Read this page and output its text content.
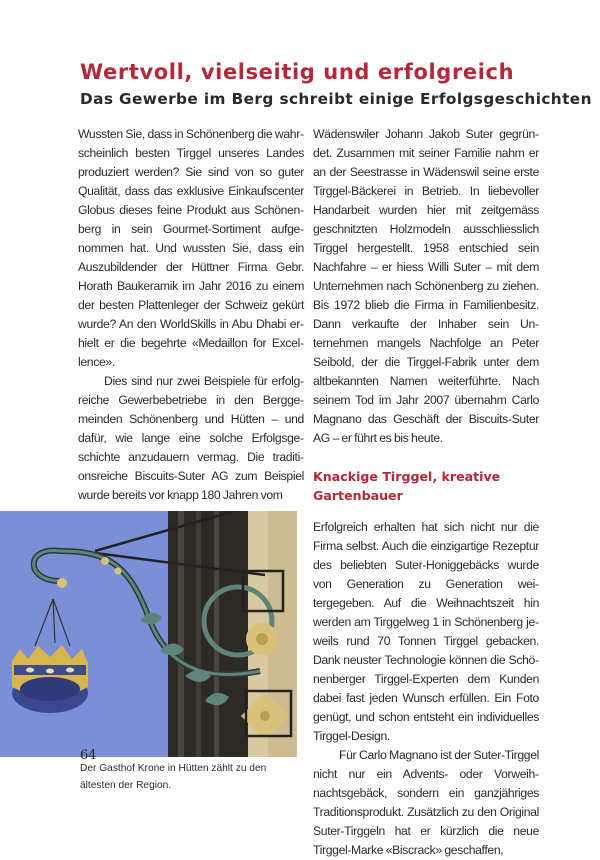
Wertvoll, vielseitig und erfolgreich
Das Gewerbe im Berg schreibt einige Erfolgsgeschichten

Wussten Sie, dass in Schönenberg die wahrscheinlich besten Tirggel unseres Landes produziert werden? Sie sind von so guter Qualität, dass das exklusive Einkaufscenter Globus dieses feine Produkt aus Schönenberg in sein Gourmet-Sortiment aufgenommen hat. Und wussten Sie, dass ein Auszubildender der Hüttner Firma Gebr. Horath Baukeramik im Jahr 2016 zu einem der besten Plattenleger der Schweiz gekürt wurde? An den WorldSkills in Abu Dhabi erhielt er die begehrte «Medaillon for Excellence».

Dies sind nur zwei Beispiele für erfolgreiche Gewerbebetriebe in den Berggemeinden Schönenberg und Hütten – und dafür, wie lange eine solche Erfolgsgeschichte anzudauern vermag. Die traditionsreiche Biscuits-Suter AG zum Beispiel wurde bereits vor knapp 180 Jahren vom

Wädenswiler Johann Jakob Suter gegründet. Zusammen mit seiner Familie nahm er an der Seestrasse in Wädenswil seine erste Tirggel-Bäckerei in Betrieb. In liebevoller Handarbeit wurden hier mit zeitgemäss geschnitzten Holzmodeln ausschliesslich Tirggel hergestellt. 1958 entschied sein Nachfahre – er hiess Willi Suter – mit dem Unternehmen nach Schönenberg zu ziehen. Bis 1972 blieb die Firma in Familienbesitz. Dann verkaufte der Inhaber sein Unternehmen mangels Nachfolge an Peter Seibold, der die Tirggel-Fabrik unter dem altbekannten Namen weiterführte. Nach seinem Tod im Jahr 2007 übernahm Carlo Magnano das Geschäft der Biscuits-Suter AG – er führt es bis heute.

Knackige Tirggel, kreative Gartenbauer

Erfolgreich erhalten hat sich nicht nur die Firma selbst. Auch die einzigartige Rezeptur des beliebten Suter-Honiggebäcks wurde von Generation zu Generation weitergegeben. Auf die Weihnachtszeit hin werden am Tirggelweg 1 in Schönenberg jeweils rund 70 Tonnen Tirggel gebacken. Dank neuster Technologie können die Schönenberger Tirggel-Experten dem Kunden dabei fast jeden Wunsch erfüllen. Ein Foto genügt, und schon entsteht ein individuelles Tirggel-Design.

Für Carlo Magnano ist der Suter-Tirggel nicht nur ein Advents- oder Vorweihnachtsgebäck, sondern ein ganzjähriges Traditionsprodukt. Zusätzlich zu den Original Suter-Tirggeln hat er kürzlich die neue Tirggel-Marke «Biscrack» geschaffen,

Der Gasthof Krone in Hütten zählt zu den ältesten der Region.

64
